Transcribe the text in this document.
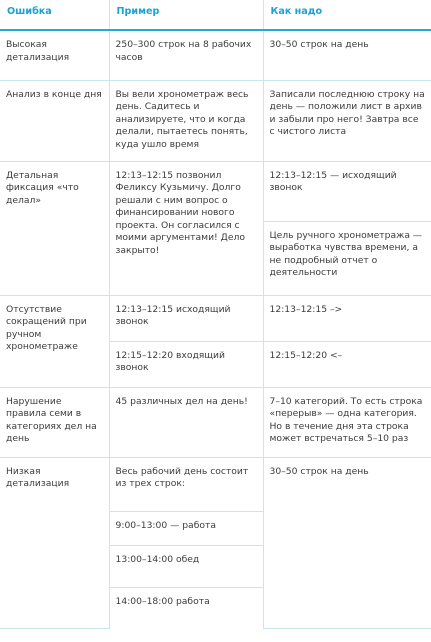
Ошибка	Пример	Как надо
Высокая детализация	250–300 строк на 8 рабочих часов	30–50 строк на день
Анализ в конце дня	Вы вели хронометраж весь день. Садитесь и анализируете, что и когда делали, пытаетесь понять, куда ушло время	Записали последнюю строку на день — положили лист в архив и забыли про него! Завтра все с чистого листа
Детальная фиксация «что делал»	12:13–12:15 позвонил Феликсу Кузьмичу. Долго решали с ним вопрос о финансировании нового проекта. Он согласился с моими аргументами! Дело закрыто!	12:13–12:15 — исходящий звонок
		Цель ручного хронометража — выработка чувства времени, а не подробный отчет о деятельности
Отсутствие сокращений при ручном хронометраже	12:13–12:15 исходящий звонок	12:13–12:15 –>
	12:15–12:20 входящий звонок	12:15–12:20 <–
Нарушение правила семи в категориях дел на день	45 различных дел на день!	7–10 категорий. То есть строка «перерыв» — одна категория. Но в течение дня эта строка может встречаться 5–10 раз
Низкая детализация	Весь рабочий день состоит из трех строк:	30–50 строк на день
	9:00–13:00 — работа	
	13:00–14:00 обед	
	14:00–18:00 работа	
